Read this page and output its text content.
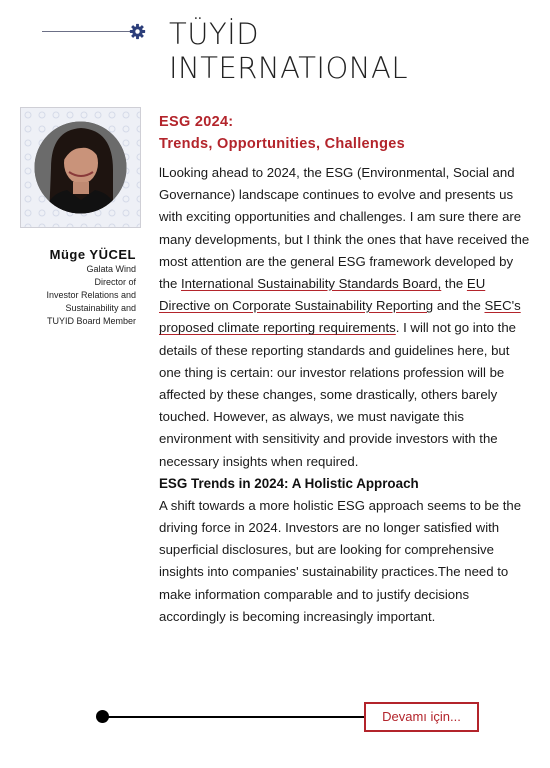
TÜYİD
INTERNATIONAL
Müge YÜCEL
Galata Wind
Director of
Investor Relations and
Sustainability and
TUYID Board Member
ESG 2024:
Trends, Opportunities, Challenges

lLooking ahead to 2024, the ESG (Environmental, Social and Governance) landscape continues to evolve and presents us with exciting opportunities and challenges. I am sure there are many developments, but I think the ones that have received the most attention are the general ESG framework developed by the International Sustainability Standards Board, the EU Directive on Corporate Sustainability Reporting and the SEC's proposed climate reporting requirements. I will not go into the details of these reporting standards and guidelines here, but one thing is certain: our investor relations profession will be affected by these changes, some drastically, others barely touched. However, as always, we must navigate this environment with sensitivity and provide investors with the necessary insights when required.

ESG Trends in 2024: A Holistic Approach

A shift towards a more holistic ESG approach seems to be the driving force in 2024. Investors are no longer satisfied with superficial disclosures, but are looking for comprehensive insights into companies' sustainability practices.The need to make information comparable and to justify decisions accordingly is becoming increasingly important.

Devamı için...
